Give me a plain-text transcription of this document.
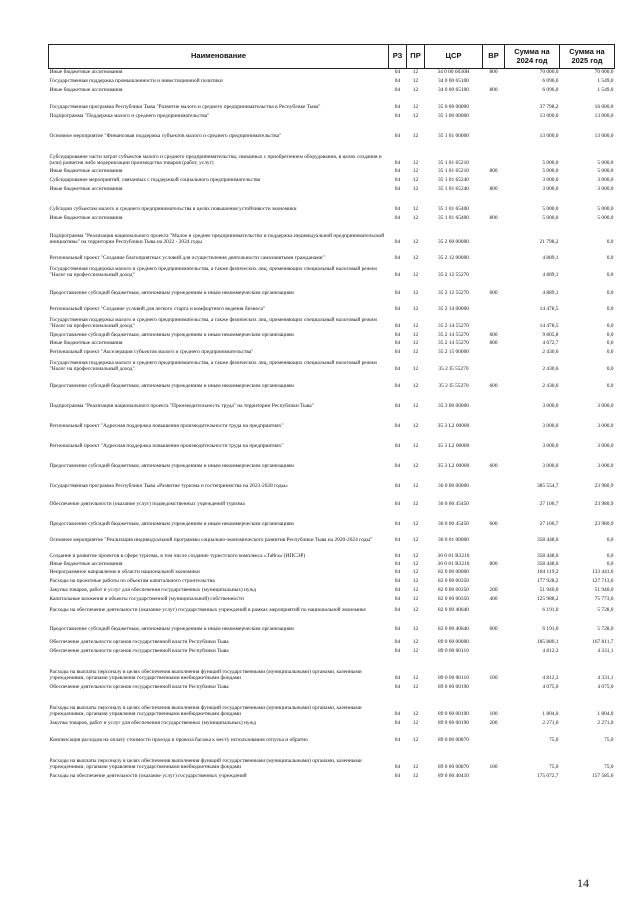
Наименование	РЗ	ПР	ЦСР	ВР	Сумма на 2024 год	Сумма на 2025 год
Иные бюджетные ассигнования	04	12	34 0 00 6030Н	800	70 000,0	70 000,0
Государственная поддержка промышленности и инвестиционной политики	04	12	34 0 00 65100		6 096,0	1 549,0
Иные бюджетные ассигнования	04	12	34 0 00 65100	800	6 096,0	1 549,0
Государственная программа Республики Тыва "Развитие малого и среднего предпринимательства в Республике Тыва"	04	12	35 0 00 00000		37 798,2	16 000,0
Подпрограмма "Поддержка малого и среднего предпринимательства"	04	12	35 1 00 00000		13 000,0	13 000,0
Основное мероприятие "Финансовая поддержка субъектов малого и среднего предпринимательства"	04	12	35 1 01 00000		13 000,0	13 000,0
Субсидирование части затрат субъектов малого и среднего предпринимательства, связанных с приобретением оборудования, в целях создания и (или) развития либо модернизации производства товаров (работ, услуг)	04	12	35 1 01 65210		5 000,0	5 000,0
Иные бюджетные ассигнования	04	12	35 1 01 65210	800	5 000,0	5 000,0
Субсидирование мероприятий, связанных с поддержкой социального предпринимательства	04	12	35 1 01 65240		3 000,0	3 000,0
Иные бюджетные ассигнования	04	12	35 1 01 65240	800	3 000,0	3 000,0
Субсидии субъектам малого и среднего предпринимательства в целях повышения устойчивости экономики	04	12	35 1 01 65400		5 000,0	5 000,0
Иные бюджетные ассигнования	04	12	35 1 01 65400	800	5 000,0	5 000,0
Подпрограмма "Реализация национального проекта "Малое и среднее предпринимательство и поддержка индивидуальной предпринимательской инициативы" на территории Республики Тыва на 2022 - 2024 годы	04	12	35 2 00 00000		21 798,2	0,0
Региональный проект "Создание благоприятных условий для осуществления деятельности самозанятыми гражданами"	04	12	35 2 12 00000		4 889,1	0,0
Государственная поддержка малого и среднего предпринимательства, а также физических лиц, применяющих специальный налоговый режим "Налог на профессиональный доход"	04	12	35 2 12 55270		4 889,1	0,0
Предоставление субсидий бюджетным, автономным учреждениям и иным некоммерческим организациям	04	12	35 2 12 55270	600	4 889,1	0,0
Региональный проект "Создание условий для легкого старта и комфортного ведения бизнеса"	04	12	35 2 14 00000		14 478,5	0,0
Государственная поддержка малого и среднего предпринимательства, а также физических лиц, применяющих специальный налоговый режим "Налог на профессиональный доход"	04	12	35 2 14 55270		14 478,5	0,0
Предоставление субсидий бюджетным, автономным учреждениям и иным некоммерческим организациям	04	12	35 2 14 55270	600	9 805,8	0,0
Иные бюджетные ассигнования	04	12	35 2 14 55270	800	4 672,7	0,0
Региональный проект "Акселерация субъектов малого и среднего предпринимательства"	04	12	35 2 15 00000		2 430,6	0,0
Государственная поддержка малого и среднего предпринимательства, а также физических лиц, применяющих специальный налоговый режим "Налог на профессиональный доход"	04	12	35 2 I5 55270		2 430,6	0,0
Предоставление субсидий бюджетным, автономным учреждениям и иным некоммерческим организациям	04	12	35 2 I5 55270	600	2 430,6	0,0
Подпрограмма "Реализация национального проекта "Производительность труда" на территории Республики Тыва"	04	12	35 3 00 00000		3 000,0	3 000,0
Региональный проект "Адресная поддержка повышения производительности труда на предприятиях"	04	12	35 3 L2 00000		3 000,0	3 000,0
Региональный проект "Адресная поддержка повышения производительности труда на предприятиях"	04	12	35 3 L2 00000		3 000,0	3 000,0
Предоставление субсидий бюджетным, автономным учреждениям и иным некоммерческим организациям	04	12	35 3 L2 00000	600	3 000,0	3 000,0
Государственная программа Республики Тыва «Развитие туризма и гостеприимства на 2023-2028 годы»	04	12	36 0 00 00000		385 554,7	23 980,9
Обеспечение деятельности (оказание услуг) подведомственных учреждений туризма	04	12	36 0 00 45450		27 106,7	23 980,9
Предоставление субсидий бюджетным, автономным учреждениям и иным некоммерческим организациям	04	12	36 0 00 45450	600	27 106,7	23 980,9
Основное мероприятие "Реализация индивидуальной программы социально-экономического развития Республики Тыва на 2020-2024 годы"	04	12	36 0 01 00000		358 448,0	0,0
Создание и развитие проектов в сфере туризма, в том числе создание туристского комплекса «Тайга» (ИПСЭР)	04	12	36 0 01 R3216		358 448,0	0,0
Иные бюджетные ассигнования	04	12	36 0 01 R3216	800	358 448,0	0,0
Непрограммное направление в области национальной экономики	04	12	82 0 00 00000		184 119,2	133 441,6
Расходы на проектные работы по объектам капитального строительства	04	12	82 0 00 00350		177 928,2	127 713,6
Закупка товаров, работ и услуг для обеспечения государственных (муниципальных) нужд	04	12	82 0 00 00350	200	51 940,0	51 940,0
Капитальные вложения в объекты государственной (муниципальной) собственности	04	12	82 0 00 00350	400	125 988,2	75 773,6
Расходы на обеспечение деятельности (оказание услуг) государственных учреждений в рамках мероприятий по национальной экономике	04	12	82 0 00 40640		6 191,0	5 728,0
Предоставление субсидий бюджетным, автономным учреждениям и иным некоммерческим организациям	04	12	82 0 00 40640	600	6 191,0	5 728,0
Обеспечение деятельности органов государственной власти Республики Тыва	04	12	89 0 00 00000		185 880,1	167 811,7
Обеспечение деятельности органов государственной власти Республики Тыва	04	12	89 0 00 00110		4 812,3	4 331,1
Расходы на выплаты персоналу в целях обеспечения выполнения функций государственными (муниципальными) органами, казенными учреждениями, органами управления государственными внебюджетными фондами	04	12	89 0 00 00110	100	4 812,3	4 331,1
Обеспечение деятельности органов государственной власти Республики Тыва	04	12	89 0 00 00190		4 075,0	4 075,0
Расходы на выплаты персоналу в целях обеспечения выполнения функций государственными (муниципальными) органами, казенными учреждениями, органами управления государственными внебюджетными фондами	04	12	89 0 00 00190	100	1 804,0	1 804,0
Закупка товаров, работ и услуг для обеспечения государственных (муниципальных) нужд	04	12	89 0 00 00190	200	2 271,0	2 271,0
Компенсация расходов на оплату стоимости проезда и провоза багажа к месту использования отпуска и обратно	04	12	89 0 00 00870		75,0	75,0
Расходы на выплаты персоналу в целях обеспечения выполнения функций государственными (муниципальными) органами, казенными учреждениями, органами управления государственными внебюджетными фондами	04	12	89 0 00 00870	100	75,0	75,0
Расходы на обеспечение деятельности (оказание услуг) государственных учреждений	04	12	89 0 00 40410		175 072,7	157 585,6
14
